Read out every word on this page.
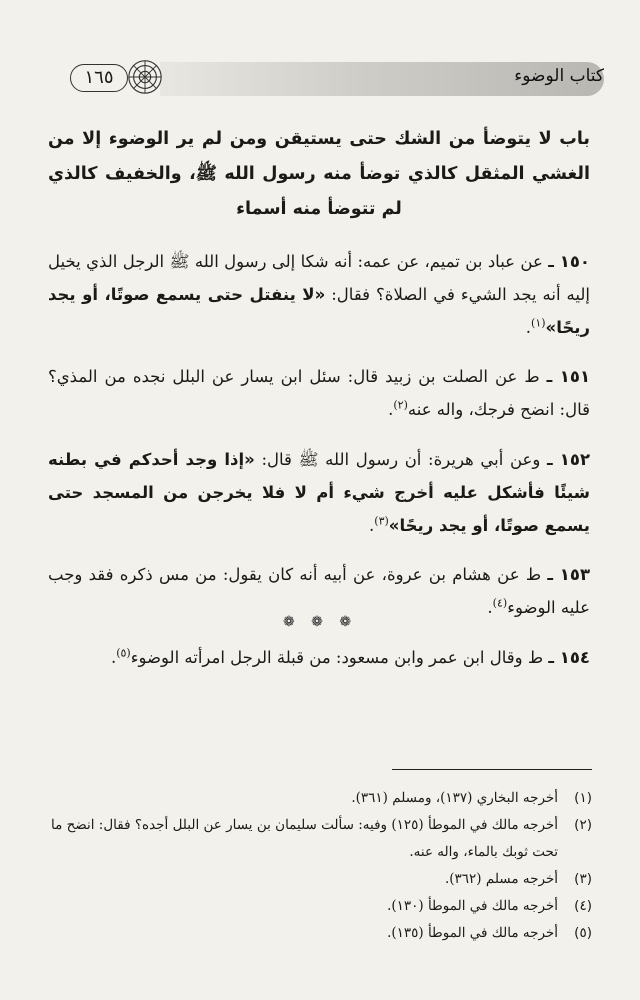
كتاب الوضوء
١٦٥
باب لا يتوضأ من الشك حتى يستيقن ومن لم ير الوضوء إلا من الغشي المثقل كالذي توضأ منه رسول الله ﷺ، والخفيف كالذي لم تتوضأ منه أسماء

١٥٠ ـ عن عباد بن تميم، عن عمه: أنه شكا إلى رسول الله ﷺ الرجل الذي يخيل إليه أنه يجد الشيء في الصلاة؟ فقال: «لا ينفتل حتى يسمع صوتًا، أو يجد ريحًا»$^{(١)}$.

١٥١ ـ ط عن الصلت بن زبيد قال: سئل ابن يسار عن البلل نجده من المذي؟ قال: انضح فرجك، واله عنه$^{(٢)}$.

١٥٢ ـ وعن أبي هريرة: أن رسول الله ﷺ قال: «إذا وجد أحدكم في بطنه شيئًا فأشكل عليه أخرج شيء أم لا فلا يخرجن من المسجد حتى يسمع صوتًا، أو يجد ريحًا»$^{(٣)}$.

١٥٣ ـ ط عن هشام بن عروة، عن أبيه أنه كان يقول: من مس ذكره فقد وجب عليه الوضوء$^{(٤)}$.

١٥٤ ـ ط وقال ابن عمر وابن مسعود: من قبلة الرجل امرأته الوضوء$^{(٥)}$.

❁ ❁ ❁
(١)
أخرجه البخاري (١٣٧)، ومسلم (٣٦١).
(٢)
أخرجه مالك في الموطأ (١٢٥) وفيه: سألت سليمان بن يسار عن البلل أجده؟ فقال: انضح ما تحت ثوبك بالماء، واله عنه.
(٣)
أخرجه مسلم (٣٦٢).
(٤)
أخرجه مالك في الموطأ (١٣٠).
(٥)
أخرجه مالك في الموطأ (١٣٥).
